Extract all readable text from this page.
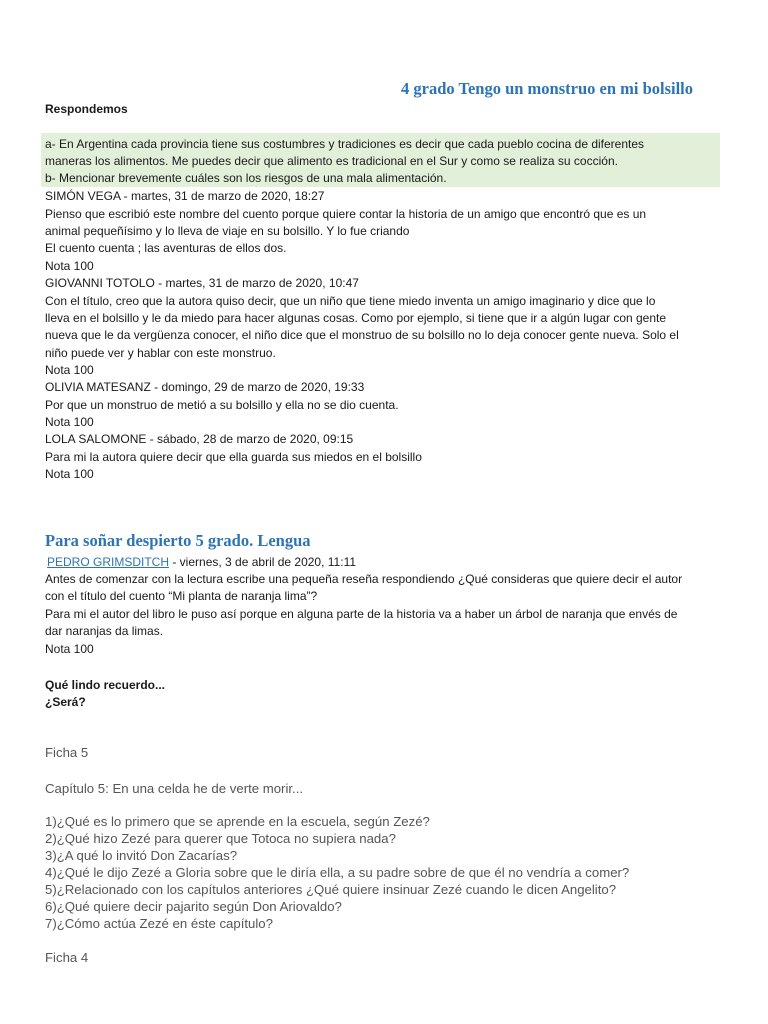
4 grado Tengo un monstruo en mi bolsillo
Respondemos
a- En Argentina cada provincia tiene sus costumbres y tradiciones es decir que cada pueblo cocina de diferentes
maneras los alimentos. Me puedes decir que alimento es tradicional en el Sur y como se realiza su cocción.
b- Mencionar brevemente cuáles son los riesgos de una mala alimentación.
SIMÓN VEGA - martes, 31 de marzo de 2020, 18:27
Pienso que escribió este nombre del cuento porque quiere contar la historia de un amigo que encontró que es un
animal pequeñísimo y lo lleva de viaje en su bolsillo. Y lo fue criando
El cuento cuenta ; las aventuras de ellos dos.
Nota 100
GIOVANNI TOTOLO - martes, 31 de marzo de 2020, 10:47
Con el título, creo que la autora quiso decir, que un niño que tiene miedo inventa un amigo imaginario y dice que lo
lleva en el bolsillo y le da miedo para hacer algunas cosas. Como por ejemplo, si tiene que ir a algún lugar con gente
nueva que le da vergüenza conocer, el niño dice que el monstruo de su bolsillo no lo deja conocer gente nueva. Solo el
niño puede ver y hablar con este monstruo.
Nota 100
OLIVIA MATESANZ - domingo, 29 de marzo de 2020, 19:33
Por que un monstruo de metió a su bolsillo y ella no se dio cuenta.
Nota 100
LOLA SALOMONE - sábado, 28 de marzo de 2020, 09:15
Para mi la autora quiere decir que ella guarda sus miedos en el bolsillo
Nota 100
Para soñar despierto 5 grado. Lengua
PEDRO GRIMSDITCH - viernes, 3 de abril de 2020, 11:11
Antes de comenzar con la lectura escribe una pequeña reseña respondiendo ¿Qué consideras que quiere decir el autor
con el título del cuento “Mi planta de naranja lima”?
Para mi el autor del libro le puso así porque en alguna parte de la historia va a haber un árbol de naranja que envés de
dar naranjas da limas.
Nota 100
Qué lindo recuerdo...
¿Será?
Ficha 5
Capítulo 5: En una celda he de verte morir...
1)¿Qué es lo primero que se aprende en la escuela, según Zezé?
2)¿Qué hizo Zezé para querer que Totoca no supiera nada?
3)¿A qué lo invitó Don Zacarías?
4)¿Qué le dijo Zezé a Gloria sobre que le diría ella, a su padre sobre de que él no vendría a comer?
5)¿Relacionado con los capítulos anteriores ¿Qué quiere insinuar Zezé cuando le dicen Angelito?
6)¿Qué quiere decir pajarito según Don Ariovaldo?
7)¿Cómo actúa Zezé en éste capítulo?
Ficha 4
